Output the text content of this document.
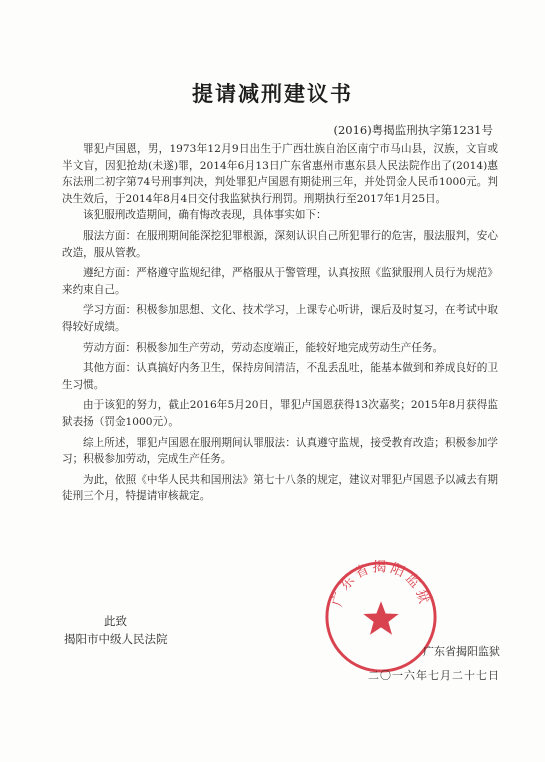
提请减刑建议书
(2016)粤揭监刑执字第1231号

罪犯卢国恩，男，1973年12月9日出生于广西壮族自治区南宁市马山县，汉族，文盲或半文盲，因犯抢劫(未遂)罪，2014年6月13日广东省惠州市惠东县人民法院作出了(2014)惠东法刑二初字第74号刑事判决，判处罪犯卢国恩有期徒刑三年，并处罚金人民币1000元。判决生效后，于2014年8月4日交付我监狱执行刑罚。刑期执行至2017年1月25日。

该犯服刑改造期间，确有悔改表现，具体事实如下：

服法方面：在服刑期间能深挖犯罪根源，深刻认识自己所犯罪行的危害，服法服判，安心改造，服从管教。

遵纪方面：严格遵守监规纪律，严格服从于警管理，认真按照《监狱服刑人员行为规范》来约束自己。

学习方面：积极参加思想、文化、技术学习，上课专心听讲，课后及时复习，在考试中取得较好成绩。

劳动方面：积极参加生产劳动，劳动态度端正，能较好地完成劳动生产任务。

其他方面：认真搞好内务卫生，保持房间清洁，不乱丢乱吐，能基本做到和养成良好的卫生习惯。

由于该犯的努力，截止2016年5月20日，罪犯卢国恩获得13次嘉奖；2015年8月获得监狱表扬（罚金1000元）。

综上所述，罪犯卢国恩在服刑期间认罪服法：认真遵守监规，接受教育改造；积极参加学习；积极参加劳动，完成生产任务。

为此，依照《中华人民共和国刑法》第七十八条的规定，建议对罪犯卢国恩予以减去有期徒刑三个月，特提请审核裁定。

此致
揭阳市中级人民法院
广东省揭阳监狱
广东省揭阳监狱
二〇一六年七月二十七日
